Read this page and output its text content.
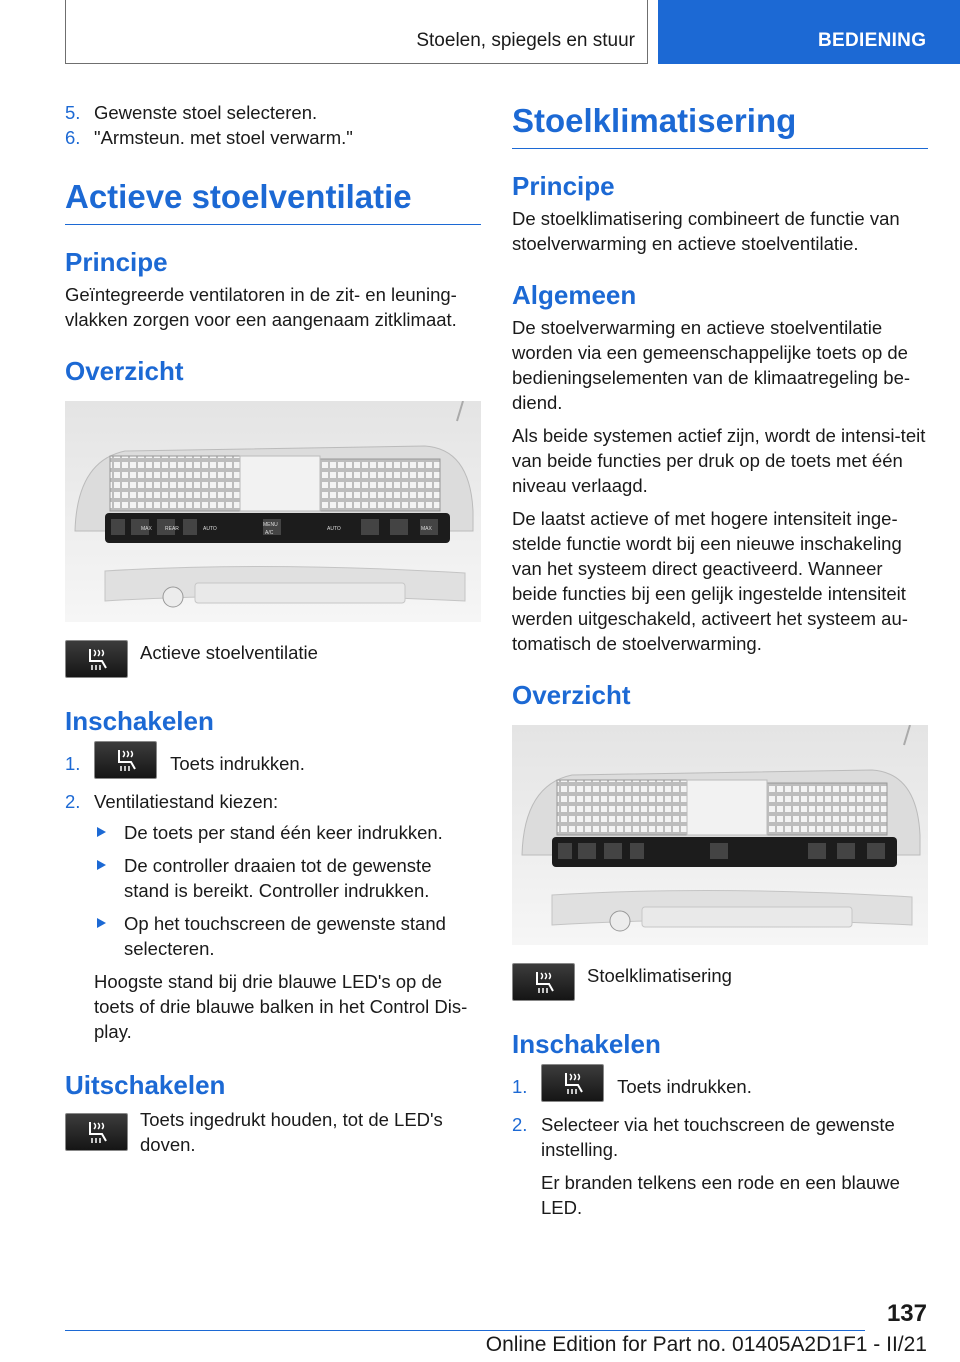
Stoelen, spiegels en stuur	BEDIENING
5. Gewenste stoel selecteren.
6. "Armsteun. met stoel verwarm."
Actieve stoelventilatie
Principe

Geïntegreerde ventilatoren in de zit- en leuning-vlakken zorgen voor een aangenaam zitklimaat.

Overzicht
MAX	REAR	AUTO
MENU
A/C
AUTO	MAX
Actieve stoelventilatie
Inschakelen
1.	Toets indrukken.
2. Ventilatiestand kiezen:
De toets per stand één keer indrukken.
De controller draaien tot de gewenste stand is bereikt. Controller indrukken.
Op het touchscreen de gewenste stand selecteren.

Hoogste stand bij drie blauwe LED's op de toets of drie blauwe balken in het Control Dis-play.

Uitschakelen
Toets ingedrukt houden, tot de LED's doven.
Stoelklimatisering
Principe

De stoelklimatisering combineert de functie van stoelverwarming en actieve stoelventilatie.

Algemeen

De stoelverwarming en actieve stoelventilatie worden via een gemeenschappelijke toets op de bedieningselementen van de klimaatregeling be-diend.

Als beide systemen actief zijn, wordt de intensi-teit van beide functies per druk op de toets met één niveau verlaagd.

De laatst actieve of met hogere intensiteit inge-stelde functie wordt bij een nieuwe inschakeling van het systeem direct geactiveerd. Wanneer beide functies bij een gelijk ingestelde intensiteit werden uitgeschakeld, activeert het systeem au-tomatisch de stoelverwarming.

Overzicht
Stoelklimatisering
Inschakelen
1.	Toets indrukken.
2. Selecteer via het touchscreen de gewenste instelling.

Er branden telkens een rode en een blauwe LED.

137
Online Edition for Part no. 01405A2D1F1 - II/21
